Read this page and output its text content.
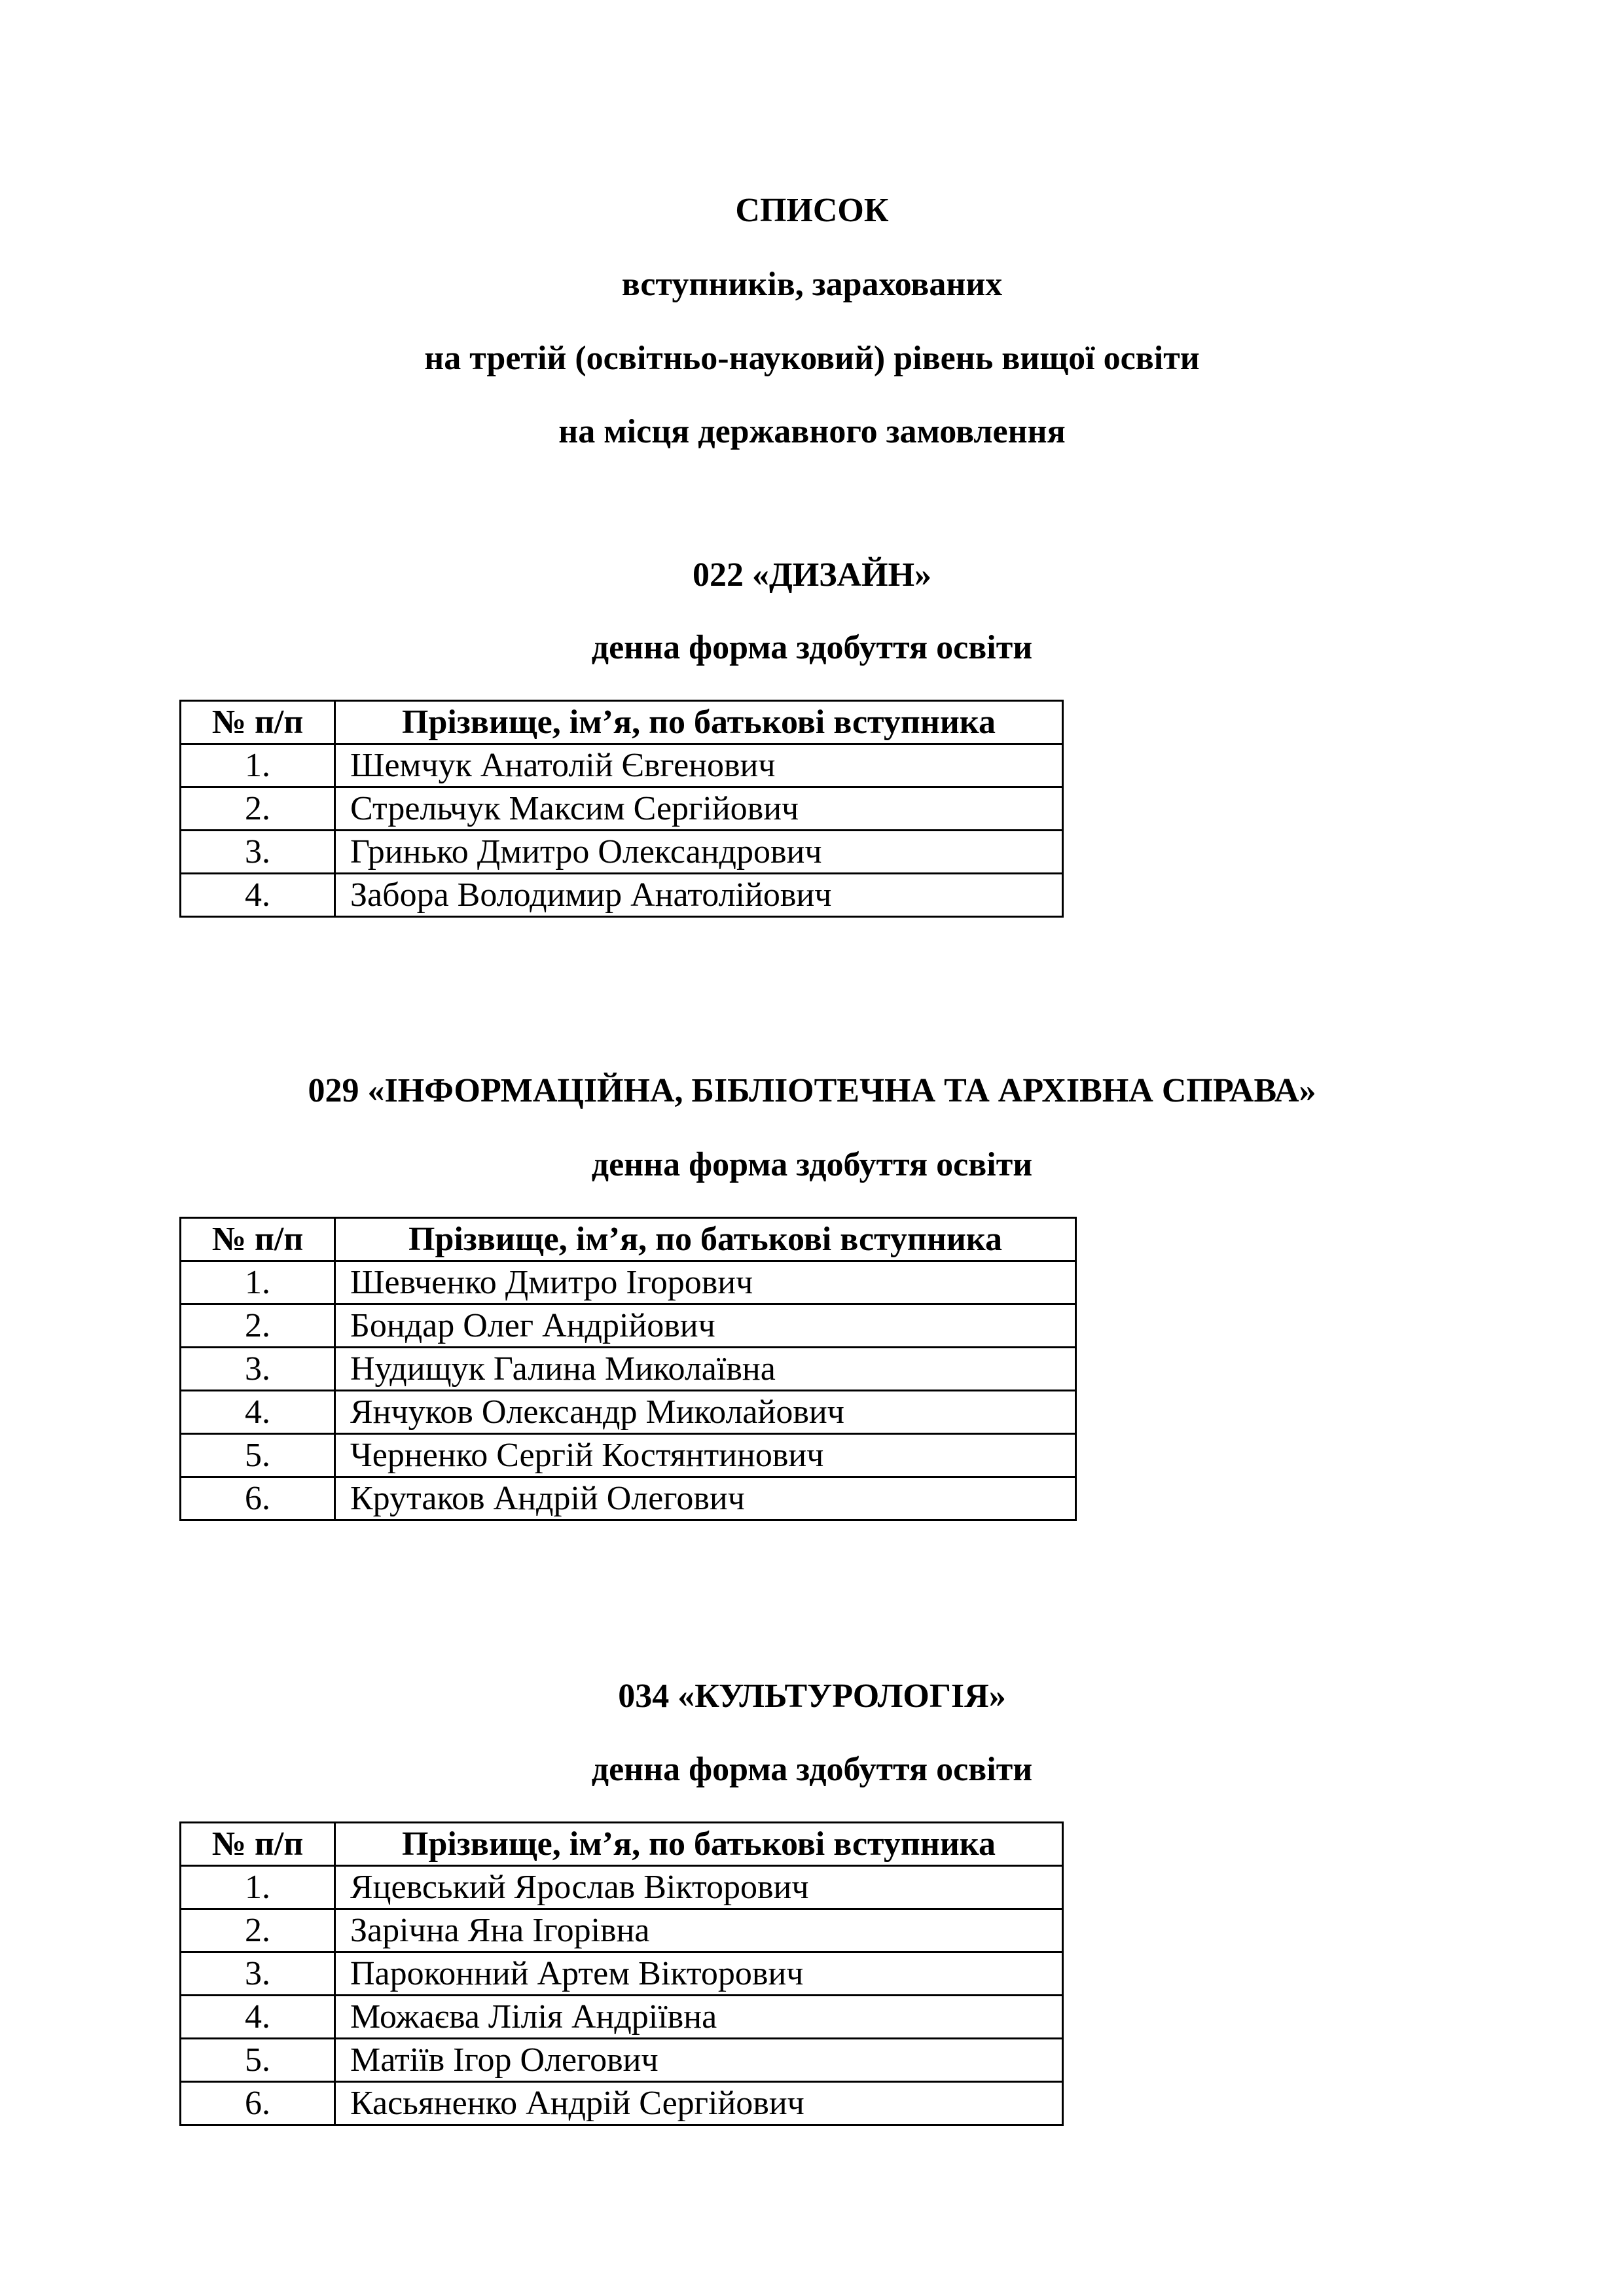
СПИСОК
вступників, зарахованих
на третій (освітньо-науковий) рівень вищої освіти
на місця державного замовлення
022 «ДИЗАЙН»
денна форма здобуття освіти
№ п/п	Прізвище, ім’я, по батькові вступника
1.	Шемчук Анатолій Євгенович
2.	Стрельчук Максим Сергійович
3.	Гринько Дмитро Олександрович
4.	Забора Володимир Анатолійович
029 «ІНФОРМАЦІЙНА, БІБЛІОТЕЧНА ТА АРХІВНА СПРАВА»
денна форма здобуття освіти
№ п/п	Прізвище, ім’я, по батькові вступника
1.	Шевченко Дмитро Ігорович
2.	Бондар Олег Андрійович
3.	Нудищук Галина Миколаївна
4.	Янчуков Олександр Миколайович
5.	Черненко Сергій Костянтинович
6.	Крутаков Андрій Олегович
034 «КУЛЬТУРОЛОГІЯ»
денна форма здобуття освіти
№ п/п	Прізвище, ім’я, по батькові вступника
1.	Яцевський Ярослав Вікторович
2.	Зарічна Яна Ігорівна
3.	Пароконний Артем Вікторович
4.	Можаєва Лілія Андріївна
5.	Матіїв Ігор Олегович
6.	Касьяненко Андрій Сергійович
